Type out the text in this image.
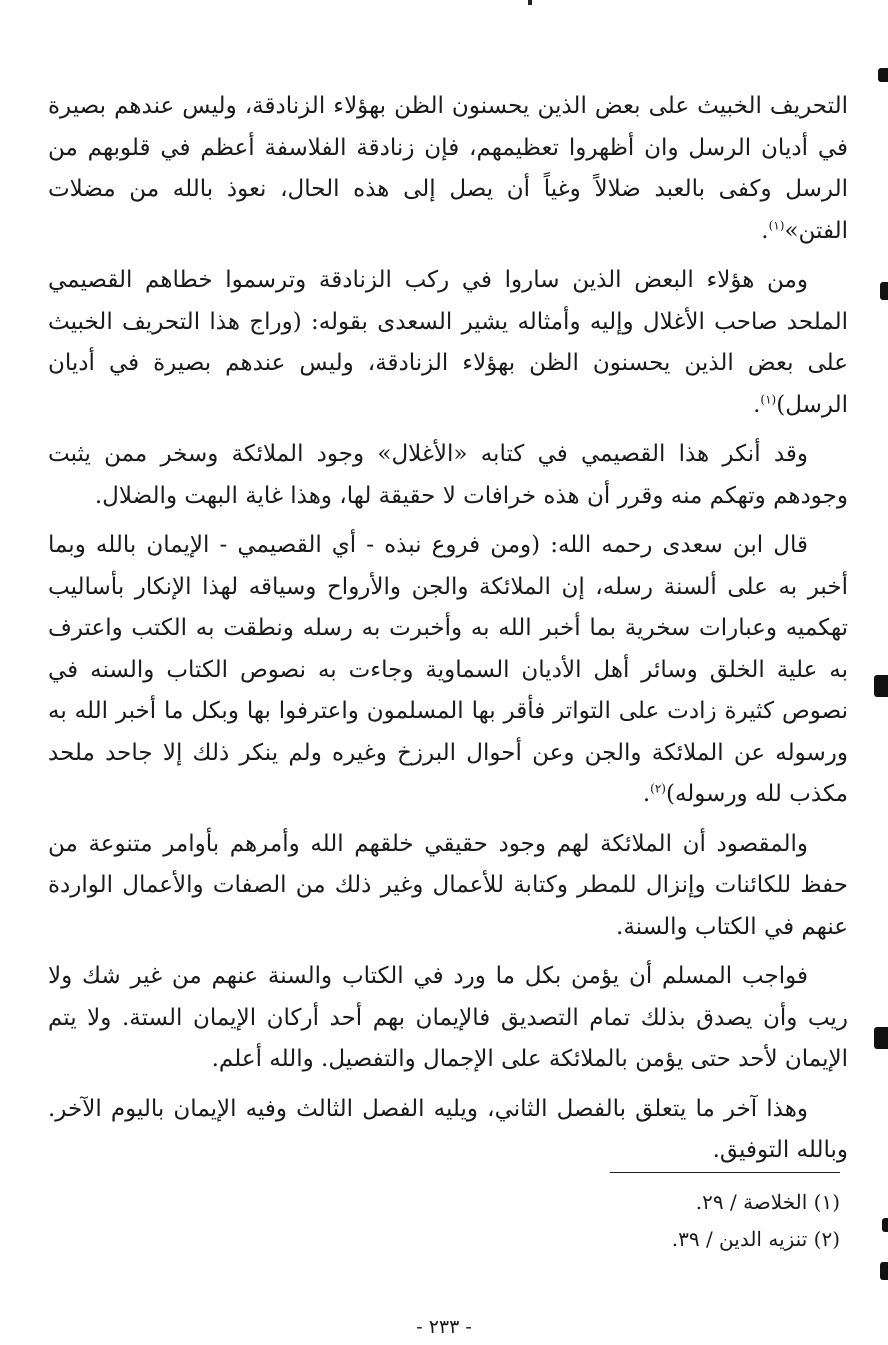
التحريف الخبيث على بعض الذين يحسنون الظن بهؤلاء الزنادقة، وليس عندهم بصيرة في أديان الرسل وان أظهروا تعظيمهم، فإن زنادقة الفلاسفة أعظم في قلوبهم من الرسل وكفى بالعبد ضلالاً وغياً أن يصل إلى هذه الحال، نعوذ بالله من مضلات الفتن»$^{(١)}$.

ومن هؤلاء البعض الذين ساروا في ركب الزنادقة وترسموا خطاهم القصيمي الملحد صاحب الأغلال وإليه وأمثاله يشير السعدى بقوله: (وراج هذا التحريف الخبيث على بعض الذين يحسنون الظن بهؤلاء الزنادقة، وليس عندهم بصيرة في أديان الرسل)$^{(١)}$.

وقد أنكر هذا القصيمي في كتابه «الأغلال» وجود الملائكة وسخر ممن يثبت وجودهم وتهكم منه وقرر أن هذه خرافات لا حقيقة لها، وهذا غاية البهت والضلال.

قال ابن سعدى رحمه الله: (ومن فروع نبذه - أي القصيمي - الإيمان بالله وبما أخبر به على ألسنة رسله، إن الملائكة والجن والأرواح وسياقه لهذا الإنكار بأساليب تهكميه وعبارات سخرية بما أخبر الله به وأخبرت به رسله ونطقت به الكتب واعترف به علية الخلق وسائر أهل الأديان السماوية وجاءت به نصوص الكتاب والسنه في نصوص كثيرة زادت على التواتر فأقر بها المسلمون واعترفوا بها وبكل ما أخبر الله به ورسوله عن الملائكة والجن وعن أحوال البرزخ وغيره ولم ينكر ذلك إلا جاحد ملحد مكذب لله ورسوله)$^{(٢)}$.

والمقصود أن الملائكة لهم وجود حقيقي خلقهم الله وأمرهم بأوامر متنوعة من حفظ للكائنات وإنزال للمطر وكتابة للأعمال وغير ذلك من الصفات والأعمال الواردة عنهم في الكتاب والسنة.

فواجب المسلم أن يؤمن بكل ما ورد في الكتاب والسنة عنهم من غير شك ولا ريب وأن يصدق بذلك تمام التصديق فالإيمان بهم أحد أركان الإيمان الستة. ولا يتم الإيمان لأحد حتى يؤمن بالملائكة على الإجمال والتفصيل. والله أعلم.

وهذا آخر ما يتعلق بالفصل الثاني، ويليه الفصل الثالث وفيه الإيمان باليوم الآخر. وبالله التوفيق.

(١) الخلاصة / ٢٩.

(٢) تنزيه الدين / ٣٩.

- ٢٣٣ -
